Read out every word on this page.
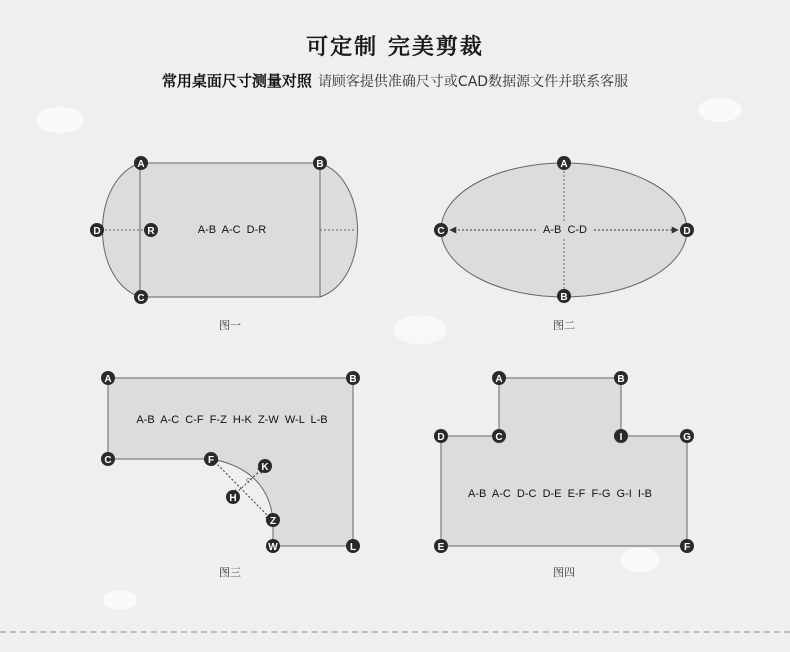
可定制 完美剪裁
常用桌面尺寸测量对照 请顾客提供准确尺寸或CAD数据源文件并联系客服
A-B  A-C  D-R
A	B
C
D	R
图一
A-B  C-D
A
B
C	D
图二
∩
A-B  A-C  C-F  F-Z  H-K  Z-W  W-L  L-B
A	B
C	F
K
H
Z
W	L
图三
A-B  A-C  D-C  D-E  E-F  F-G  G-I  I-B
A	B
D	C	I	G
E	F
图四
